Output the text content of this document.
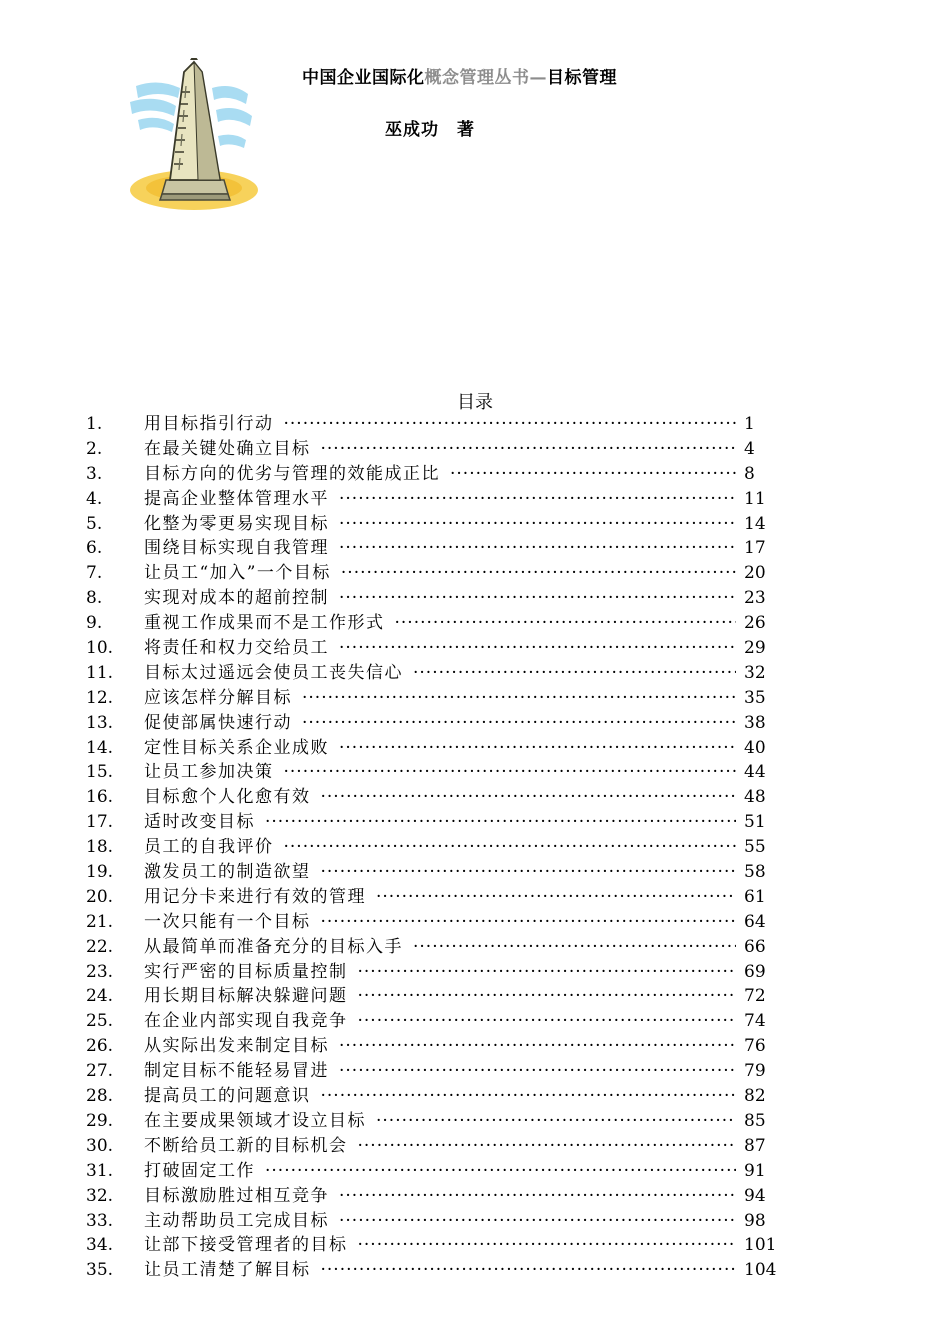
中国企业国际化概念管理丛书—目标管理
巫成功 著
目录
1.	用目标指引行动 ·····	1
2.	在最关键处确立目标 ·····	4
3.	目标方向的优劣与管理的效能成正比 ·····	8
4.	提高企业整体管理水平 ·····	11
5.	化整为零更易实现目标 ·····	14
6.	围绕目标实现自我管理 ·····	17
7.	让员工“加入”一个目标 ·····	20
8.	实现对成本的超前控制 ·····	23
9.	重视工作成果而不是工作形式 ·····	26
10.	将责任和权力交给员工 ·····	29
11.	目标太过遥远会使员工丧失信心 ·····	32
12.	应该怎样分解目标 ·····	35
13.	促使部属快速行动 ·····	38
14.	定性目标关系企业成败 ·····	40
15.	让员工参加决策 ·····	44
16.	目标愈个人化愈有效 ·····	48
17.	适时改变目标 ·····	51
18.	员工的自我评价 ·····	55
19.	激发员工的制造欲望 ·····	58
20.	用记分卡来进行有效的管理 ·····	61
21.	一次只能有一个目标 ·····	64
22.	从最简单而准备充分的目标入手 ·····	66
23.	实行严密的目标质量控制 ·····	69
24.	用长期目标解决躲避问题 ·····	72
25.	在企业内部实现自我竞争 ·····	74
26.	从实际出发来制定目标 ·····	76
27.	制定目标不能轻易冒进 ·····	79
28.	提高员工的问题意识 ·····	82
29.	在主要成果领域才设立目标 ·····	85
30.	不断给员工新的目标机会 ·····	87
31.	打破固定工作 ·····	91
32.	目标激励胜过相互竞争 ·····	94
33.	主动帮助员工完成目标 ·····	98
34.	让部下接受管理者的目标 ·····	101
35.	让员工清楚了解目标 ·····	104
